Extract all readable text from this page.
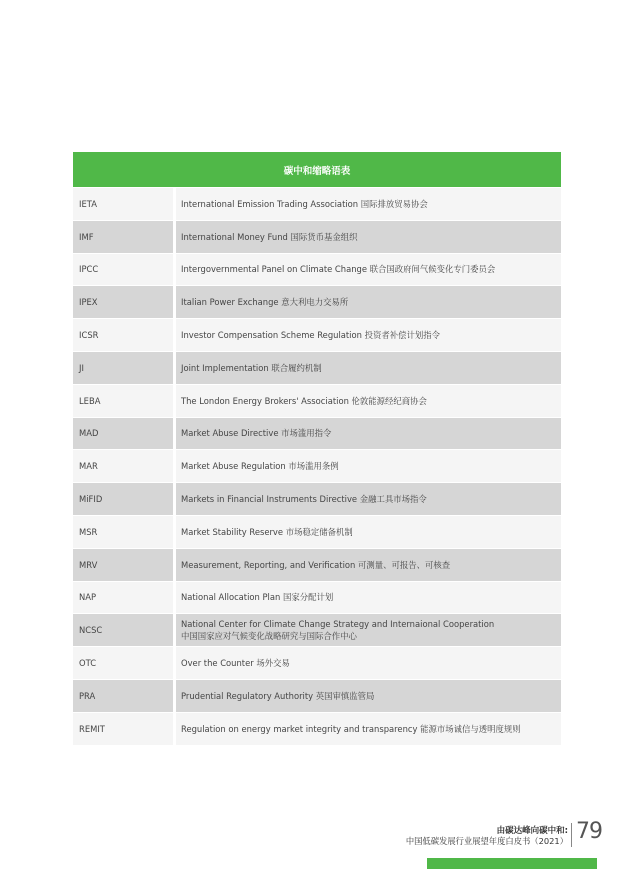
碳中和缩略语表	
IETA	International Emission Trading Association 国际排放贸易协会
IMF	International Money Fund 国际货币基金组织
IPCC	Intergovernmental Panel on Climate Change 联合国政府间气候变化专门委员会
IPEX	Italian Power Exchange 意大利电力交易所
ICSR	Investor Compensation Scheme Regulation 投资者补偿计划指令
JI	Joint Implementation 联合履约机制
LEBA	The London Energy Brokers' Association 伦敦能源经纪商协会
MAD	Market Abuse Directive 市场滥用指令
MAR	Market Abuse Regulation 市场滥用条例
MiFID	Markets in Financial Instruments Directive 金融工具市场指令
MSR	Market Stability Reserve 市场稳定储备机制
MRV	Measurement, Reporting, and Verification 可测量、可报告、可核查
NAP	National Allocation Plan 国家分配计划
NCSC	National Center for Climate Change Strategy and Internaional Cooperation
中国国家应对气候变化战略研究与国际合作中心
OTC	Over the Counter 场外交易
PRA	Prudential Regulatory Authority 英国审慎监管局
REMIT	Regulation on energy market integrity and transparency 能源市场诚信与透明度规则
由碳达峰向碳中和:
中国低碳发展行业展望年度白皮书（2021） 79
